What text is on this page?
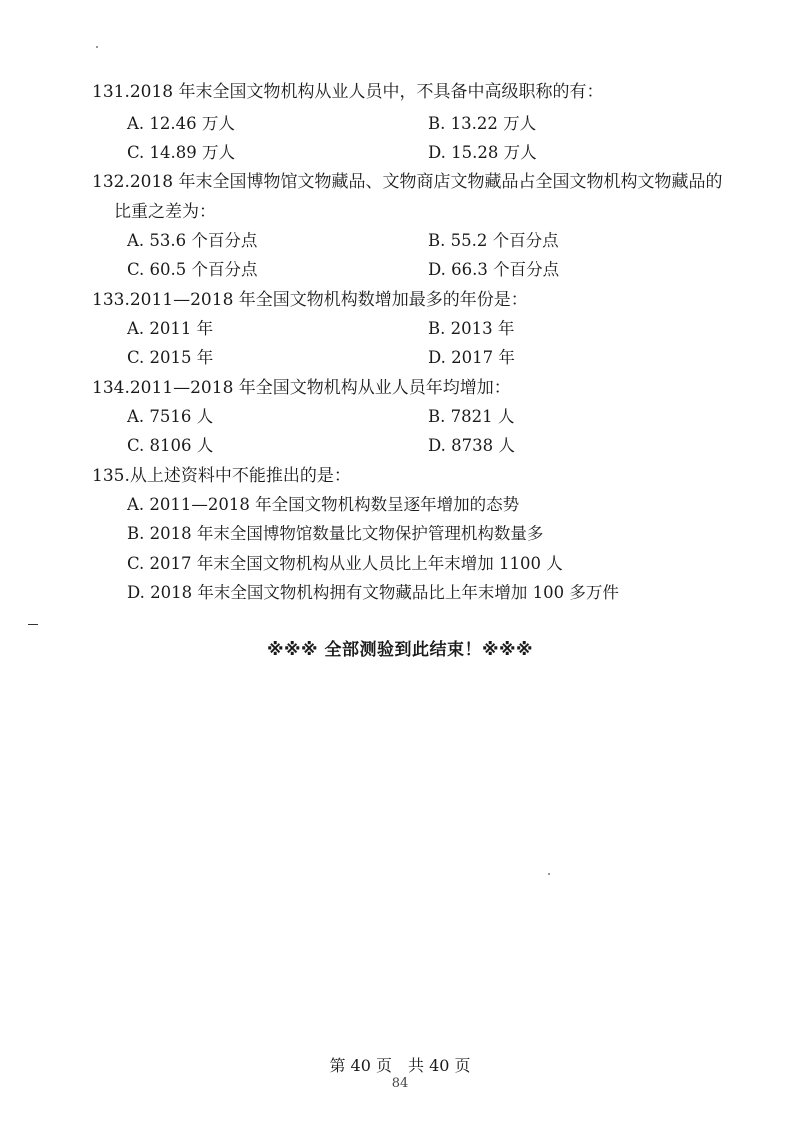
131.2018 年末全国文物机构从业人员中，不具备中高级职称的有：
A. 12.46 万人	B. 13.22 万人
C. 14.89 万人	D. 15.28 万人
132.2018 年末全国博物馆文物藏品、文物商店文物藏品占全国文物机构文物藏品的
比重之差为：
A. 53.6 个百分点	B. 55.2 个百分点
C. 60.5 个百分点	D. 66.3 个百分点
133.2011—2018 年全国文物机构数增加最多的年份是：
A. 2011 年	B. 2013 年
C. 2015 年	D. 2017 年
134.2011—2018 年全国文物机构从业人员年均增加：
A. 7516 人	B. 7821 人
C. 8106 人	D. 8738 人
135.从上述资料中不能推出的是：
A. 2011—2018 年全国文物机构数呈逐年增加的态势
B. 2018 年末全国博物馆数量比文物保护管理机构数量多
C. 2017 年末全国文物机构从业人员比上年末增加 1100 人
D. 2018 年末全国文物机构拥有文物藏品比上年末增加 100 多万件
※※※ 全部测验到此结束！※※※
第 40 页　共 40 页
84
